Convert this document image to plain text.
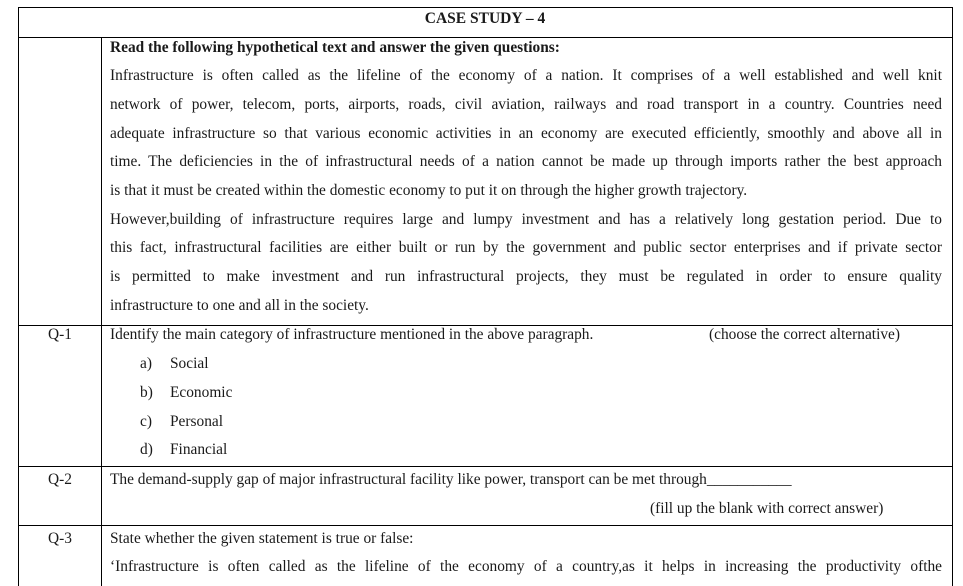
CASE STUDY – 4
Read the following hypothetical text and answer the given questions:
Infrastructure is often called as the lifeline of the economy of a nation. It comprises of a well established and well knit
network of power, telecom, ports, airports, roads, civil aviation, railways and road transport in a country. Countries need
adequate infrastructure so that various economic activities in an economy are executed efficiently, smoothly and above all in
time. The deficiencies in the of infrastructural needs of a nation cannot be made up through imports rather the best approach
is that it must be created within the domestic economy to put it on through the higher growth trajectory.
However,building of infrastructure requires large and lumpy investment and has a relatively long gestation period. Due to
this fact, infrastructural facilities are either built or run by the government and public sector enterprises and if private sector
is permitted to make investment and run infrastructural projects, they must be regulated in order to ensure quality
infrastructure to one and all in the society.
Q-1	Identify the main category of infrastructure mentioned in the above paragraph.	(choose the correct alternative)
a) Social
b) Economic
c) Personal
d) Financial
Q-2	The demand-supply gap of major infrastructural facility like power, transport can be met through___________
(fill up the blank with correct answer)
Q-3	State whether the given statement is true or false:
‘Infrastructure is often called as the lifeline of the economy of a country,as it helps in increasing the productivity ofthe
